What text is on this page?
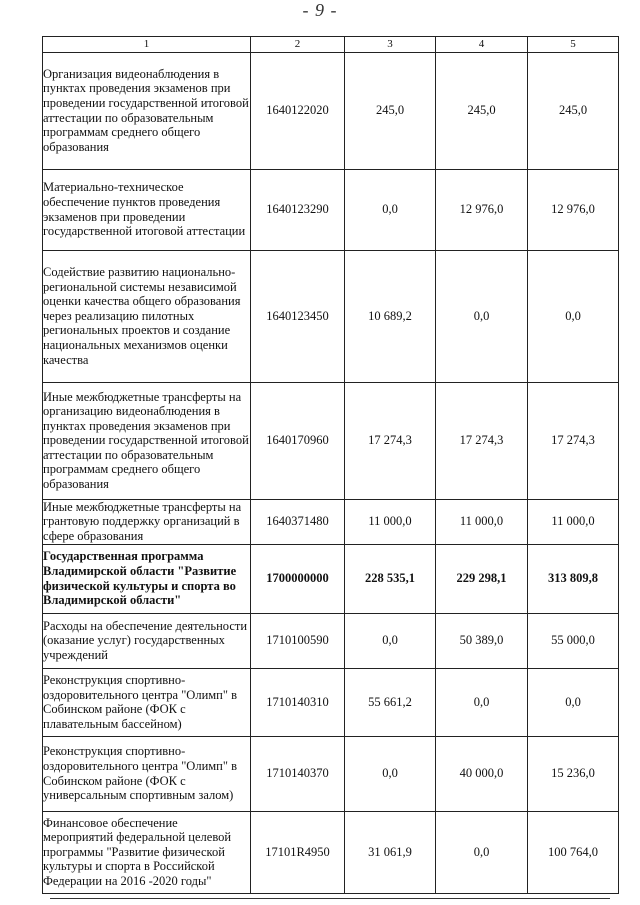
- 9 -
1	2	3	4	5
Организация видеонаблюдения в пунктах проведения экзаменов при проведении государственной итоговой аттестации по образовательным программам среднего общего образования	1640122020	245,0	245,0	245,0
Материально-техническое обеспечение пунктов проведения экзаменов при проведении государственной итоговой аттестации	1640123290	0,0	12 976,0	12 976,0
Содействие развитию национально-региональной системы независимой оценки качества общего образования через реализацию пилотных региональных проектов и создание национальных механизмов оценки качества	1640123450	10 689,2	0,0	0,0
Иные межбюджетные трансферты на организацию видеонаблюдения в пунктах проведения экзаменов при проведении государственной итоговой аттестации по образовательным программам среднего общего образования	1640170960	17 274,3	17 274,3	17 274,3
Иные межбюджетные трансферты на грантовую поддержку организаций в сфере образования	1640371480	11 000,0	11 000,0	11 000,0
Государственная программа Владимирской области "Развитие физической культуры и спорта во Владимирской области"	1700000000	228 535,1	229 298,1	313 809,8
Расходы на обеспечение деятельности (оказание услуг) государственных учреждений	1710100590	0,0	50 389,0	55 000,0
Реконструкция спортивно-оздоровительного центра "Олимп" в Собинском районе (ФОК с плавательным бассейном)	1710140310	55 661,2	0,0	0,0
Реконструкция спортивно-оздоровительного центра "Олимп" в Собинском районе (ФОК с универсальным спортивным залом)	1710140370	0,0	40 000,0	15 236,0
Финансовое обеспечение мероприятий федеральной целевой программы "Развитие физической культуры и спорта в Российской Федерации на 2016 -2020 годы"	17101R4950	31 061,9	0,0	100 764,0
